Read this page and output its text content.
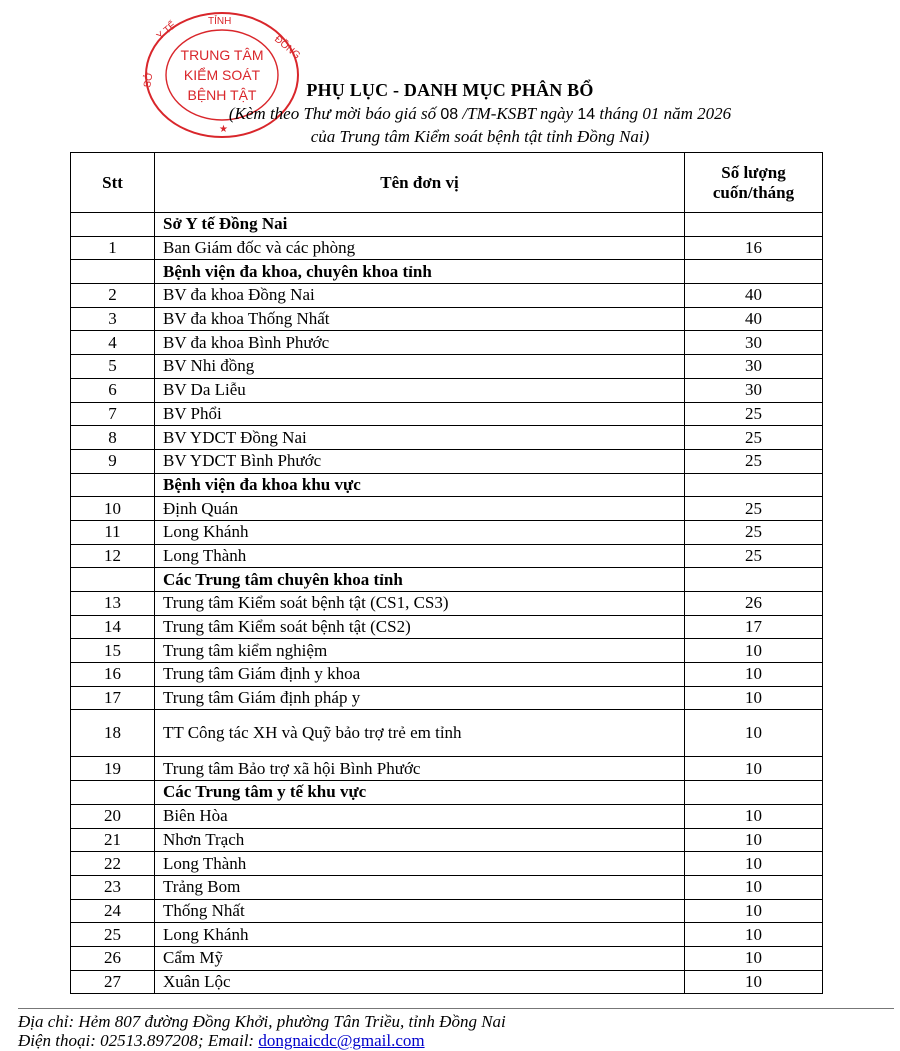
TỈNH
Y TẾ
ĐỒNG
SỞ
TRUNG TÂM
KIỂM SOÁT
BỆNH TẬT
★
PHỤ LỤC - DANH MỤC PHÂN BỔ
(Kèm theo Thư mời báo giá số 08 /TM-KSBT ngày 14 tháng 01 năm 2026
của Trung tâm Kiểm soát bệnh tật tỉnh Đồng Nai)
Stt	Tên đơn vị	Số lượng
cuốn/tháng
	Sở Y tế Đồng Nai	
1	Ban Giám đốc và các phòng	16
	Bệnh viện đa khoa, chuyên khoa tỉnh	
2	BV đa khoa Đồng Nai	40
3	BV đa khoa Thống Nhất	40
4	BV đa khoa Bình Phước	30
5	BV Nhi đồng	30
6	BV Da Liễu	30
7	BV Phổi	25
8	BV YDCT Đồng Nai	25
9	BV YDCT Bình Phước	25
	Bệnh viện đa khoa khu vực	
10	Định Quán	25
11	Long Khánh	25
12	Long Thành	25
	Các Trung tâm chuyên khoa tỉnh	
13	Trung tâm Kiểm soát bệnh tật (CS1, CS3)	26
14	Trung tâm Kiểm soát bệnh tật (CS2)	17
15	Trung tâm kiểm nghiệm	10
16	Trung tâm Giám định y khoa	10
17	Trung tâm Giám định pháp y	10
18	TT Công tác XH và Quỹ bảo trợ trẻ em tỉnh	10
19	Trung tâm Bảo trợ xã hội Bình Phước	10
	Các Trung tâm y tế khu vực	
20	Biên Hòa	10
21	Nhơn Trạch	10
22	Long Thành	10
23	Trảng Bom	10
24	Thống Nhất	10
25	Long Khánh	10
26	Cẩm Mỹ	10
27	Xuân Lộc	10
Địa chỉ: Hẻm 807 đường Đồng Khởi, phường Tân Triều, tỉnh Đồng Nai
Điện thoại: 02513.897208; Email: dongnaicdc@gmail.com
